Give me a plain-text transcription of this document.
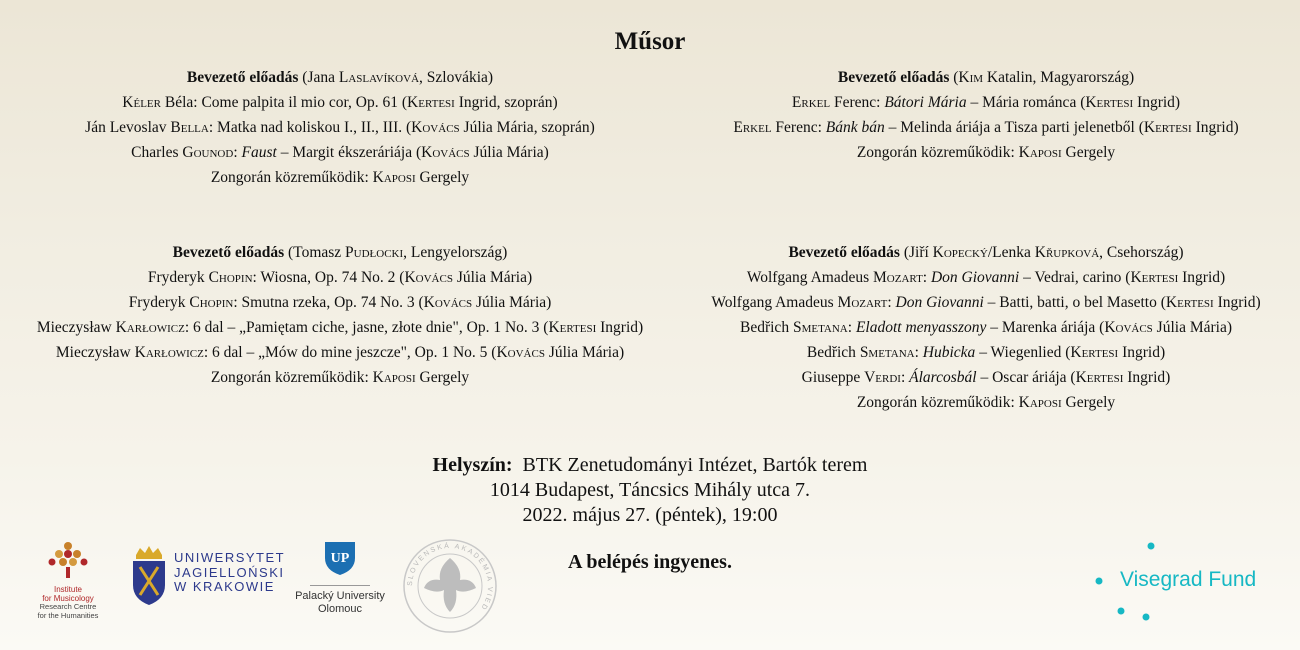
Műsor
Bevezető előadás (Jana Laslavíková, Szlovákia)
Kéler Béla: Come palpita il mio cor, Op. 61 (Kertesi Ingrid, szoprán)
Ján Levoslav Bella: Matka nad koliskou I., II., III. (Kovács Júlia Mária, szoprán)
Charles Gounod: Faust – Margit ékszeráriája (Kovács Júlia Mária)
Zongorán közreműködik: Kaposi Gergely
Bevezető előadás (Kim Katalin, Magyarország)
Erkel Ferenc: Bátori Mária – Mária románca (Kertesi Ingrid)
Erkel Ferenc: Bánk bán – Melinda áriája a Tisza parti jelenetből (Kertesi Ingrid)
Zongorán közreműködik: Kaposi Gergely
Bevezető előadás (Tomasz Pudłocki, Lengyelország)
Fryderyk Chopin: Wiosna, Op. 74 No. 2 (Kovács Júlia Mária)
Fryderyk Chopin: Smutna rzeka, Op. 74 No. 3 (Kovács Júlia Mária)
Mieczysław Karłowicz: 6 dal – „Pamiętam ciche, jasne, złote dnie", Op. 1 No. 3 (Kertesi Ingrid)
Mieczysław Karłowicz: 6 dal – „Mów do mine jeszcze", Op. 1 No. 5 (Kovács Júlia Mária)
Zongorán közreműködik: Kaposi Gergely
Bevezető előadás (Jiří Kopecký/Lenka Křupková, Csehország)
Wolfgang Amadeus Mozart: Don Giovanni – Vedrai, carino (Kertesi Ingrid)
Wolfgang Amadeus Mozart: Don Giovanni – Batti, batti, o bel Masetto (Kertesi Ingrid)
Bedřich Smetana: Eladott menyasszony – Marenka áriája (Kovács Júlia Mária)
Bedřich Smetana: Hubicka – Wiegenlied (Kertesi Ingrid)
Giuseppe Verdi: Álarcosbál – Oscar áriája (Kertesi Ingrid)
Zongorán közreműködik: Kaposi Gergely
Helyszín:  BTK Zenetudományi Intézet, Bartók terem
1014 Budapest, Táncsics Mihály utca 7.
2022. május 27. (péntek), 19:00
A belépés ingyenes.
Institute
for Musicology
Research Centre
for the Humanities
UNIWERSYTET
JAGIELLOŃSKI
W KRAKOWIE
UP
Palacký University
Olomouc
SLOVENSKÁ AKADÉMIA VIED
Visegrad Fund
